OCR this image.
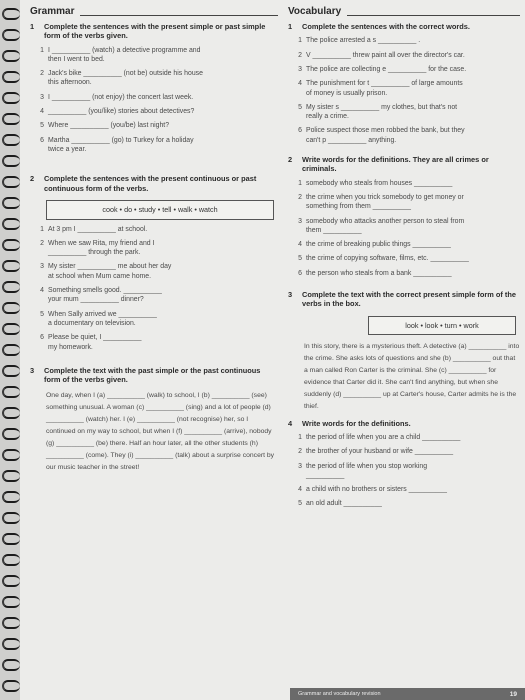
Grammar
1	Complete the sentences with the present simple or past simple form of the verbs given.
1 I __________ (watch) a detective programme and
then I went to bed.
2 Jack's bike __________ (not be) outside his house
this afternoon.
3 I __________ (not enjoy) the concert last week.
4 __________ (you/like) stories about detectives?
5 Where __________ (you/be) last night?
6 Martha __________ (go) to Turkey for a holiday
twice a year.
2	Complete the sentences with the present continuous or past continuous form of the verbs.
cook • do • study • tell • walk • watch
1 At 3 pm I __________ at school.
2 When we saw Rita, my friend and I
__________ through the park.
3 My sister __________ me about her day
at school when Mum came home.
4 Something smells good. __________
your mum __________ dinner?
5 When Sally arrived we __________
a documentary on television.
6 Please be quiet, I __________
my homework.
3	Complete the text with the past simple or the past continuous form of the verbs given.
One day, when I (a) __________ (walk) to school, I (b) __________ (see) something unusual. A woman (c) __________ (sing) and a lot of people (d) __________ (watch) her. I (e) __________ (not recognise) her, so I continued on my way to school, but when I (f) __________ (arrive), nobody (g) __________ (be) there. Half an hour later, all the other students (h) __________ (come). They (i) __________ (talk) about a surprise concert by our music teacher in the street!
Vocabulary
1	Complete the sentences with the correct words.
1 The police arrested a s __________ .
2 V __________ threw paint all over the director's car.
3 The police are collecting e __________ for the case.
4 The punishment for t __________ of large amounts
of money is usually prison.
5 My sister s __________ my clothes, but that's not
really a crime.
6 Police suspect those men robbed the bank, but they
can't p __________ anything.
2	Write words for the definitions. They are all crimes or criminals.
1 somebody who steals from houses __________
2 the crime when you trick somebody to get money or
something from them __________
3 somebody who attacks another person to steal from
them __________
4 the crime of breaking public things __________
5 the crime of copying software, films, etc. __________
6 the person who steals from a bank __________
3	Complete the text with the correct present simple form of the verbs in the box.
look • look • turn • work
In this story, there is a mysterious theft. A detective (a) __________ into the crime. She asks lots of questions and she (b) __________ out that a man called Ron Carter is the criminal. She (c) __________ for evidence that Carter did it. She can't find anything, but when she suddenly (d) __________ up at Carter's house, Carter admits he is the thief.
4	Write words for the definitions.
1 the period of life when you are a child __________
2 the brother of your husband or wife __________
3 the period of life when you stop working
__________
4 a child with no brothers or sisters __________
5 an old adult __________
Grammar and vocabulary revision	19
